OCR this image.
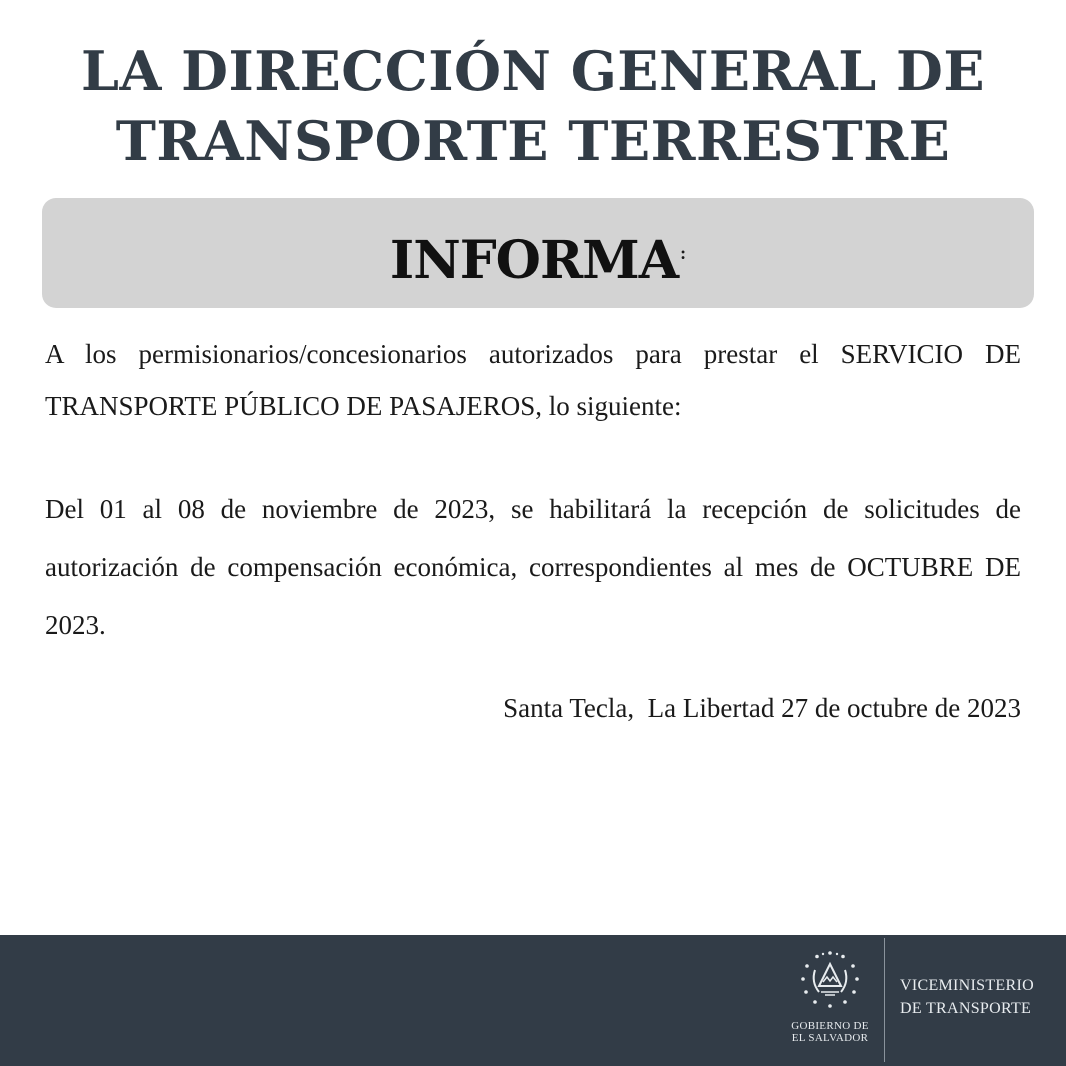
LA DIRECCIÓN GENERAL DE
TRANSPORTE TERRESTRE
INFORMA :

A los permisionarios/concesionarios autorizados para prestar el SERVICIO DE TRANSPORTE PÚBLICO DE PASAJEROS, lo siguiente:

Del 01 al 08 de noviembre de 2023, se habilitará la recepción de solicitudes de autorización de compensación económica, correspondientes al mes de OCTUBRE DE 2023.

Santa Tecla,  La Libertad 27 de octubre de 2023
GOBIERNO DE
EL SALVADOR
VICEMINISTERIO
DE TRANSPORTE
